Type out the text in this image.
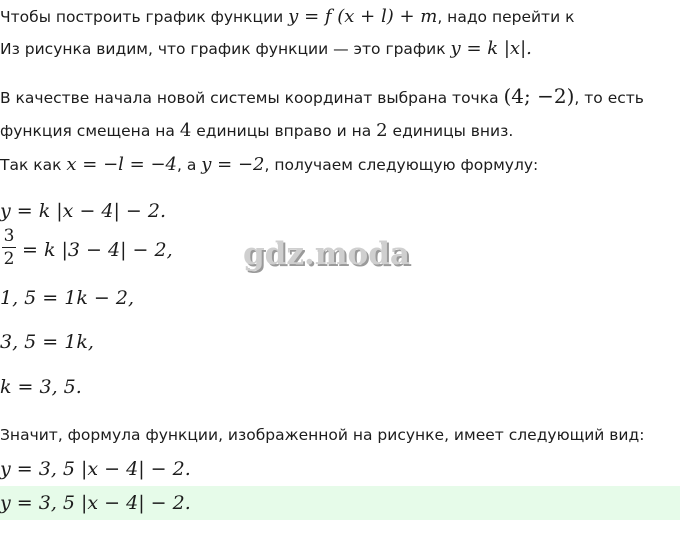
Чтобы построить график функции y = f (x + l) + m, надо перейти к
Из рисунка видим, что график функции — это график y = k |x|.
В качестве начала новой системы координат выбрана точка (4; −2), то есть
функция смещена на 4 единицы вправо и на 2 единицы вниз.
Так как x = −l = −4, а y = −2, получаем следующую формулу:
y = k |x − 4| − 2.
3
2 = k |3 − 4| − 2, gdz.moda
1, 5 = 1k − 2,
3, 5 = 1k,
k = 3, 5.
Значит, формула функции, изображенной на рисунке, имеет следующий вид:
y = 3, 5 |x − 4| − 2.
y = 3, 5 |x − 4| − 2.
